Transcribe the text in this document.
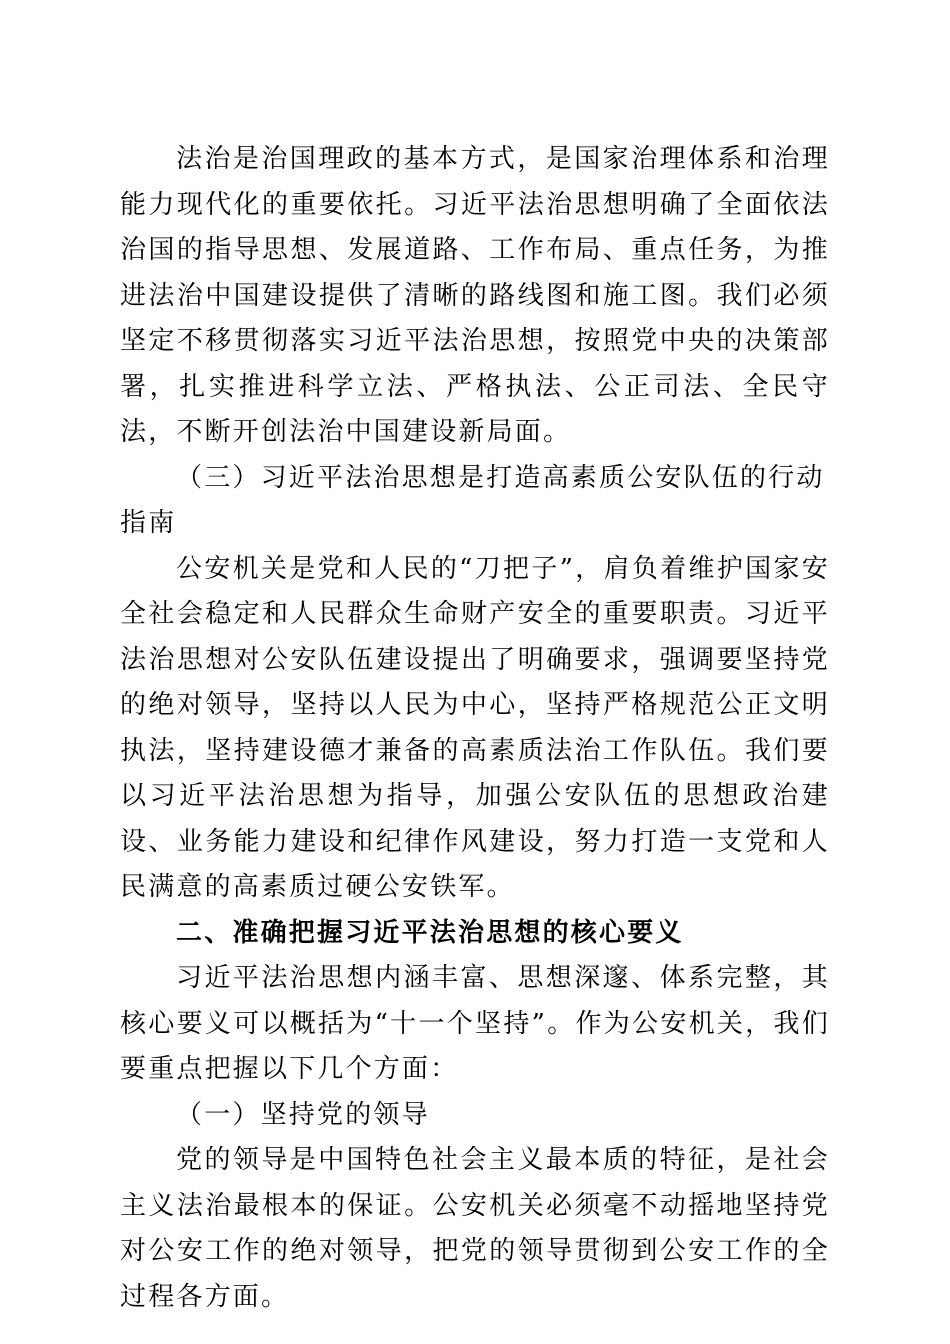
法治是治国理政的基本方式，是国家治理体系和治理能力现代化的重要依托。习近平法治思想明确了全面依法治国的指导思想、发展道路、工作布局、重点任务，为推进法治中国建设提供了清晰的路线图和施工图。我们必须坚定不移贯彻落实习近平法治思想，按照党中央的决策部署，扎实推进科学立法、严格执法、公正司法、全民守法，不断开创法治中国建设新局面。

（三）习近平法治思想是打造高素质公安队伍的行动指南

公安机关是党和人民的“刀把子”，肩负着维护国家安全社会稳定和人民群众生命财产安全的重要职责。习近平法治思想对公安队伍建设提出了明确要求，强调要坚持党的绝对领导，坚持以人民为中心，坚持严格规范公正文明执法，坚持建设德才兼备的高素质法治工作队伍。我们要以习近平法治思想为指导，加强公安队伍的思想政治建设、业务能力建设和纪律作风建设，努力打造一支党和人民满意的高素质过硬公安铁军。

二、准确把握习近平法治思想的核心要义

习近平法治思想内涵丰富、思想深邃、体系完整，其核心要义可以概括为“十一个坚持”。作为公安机关，我们要重点把握以下几个方面：

（一）坚持党的领导

党的领导是中国特色社会主义最本质的特征，是社会主义法治最根本的保证。公安机关必须毫不动摇地坚持党对公安工作的绝对领导，把党的领导贯彻到公安工作的全过程各方面。
